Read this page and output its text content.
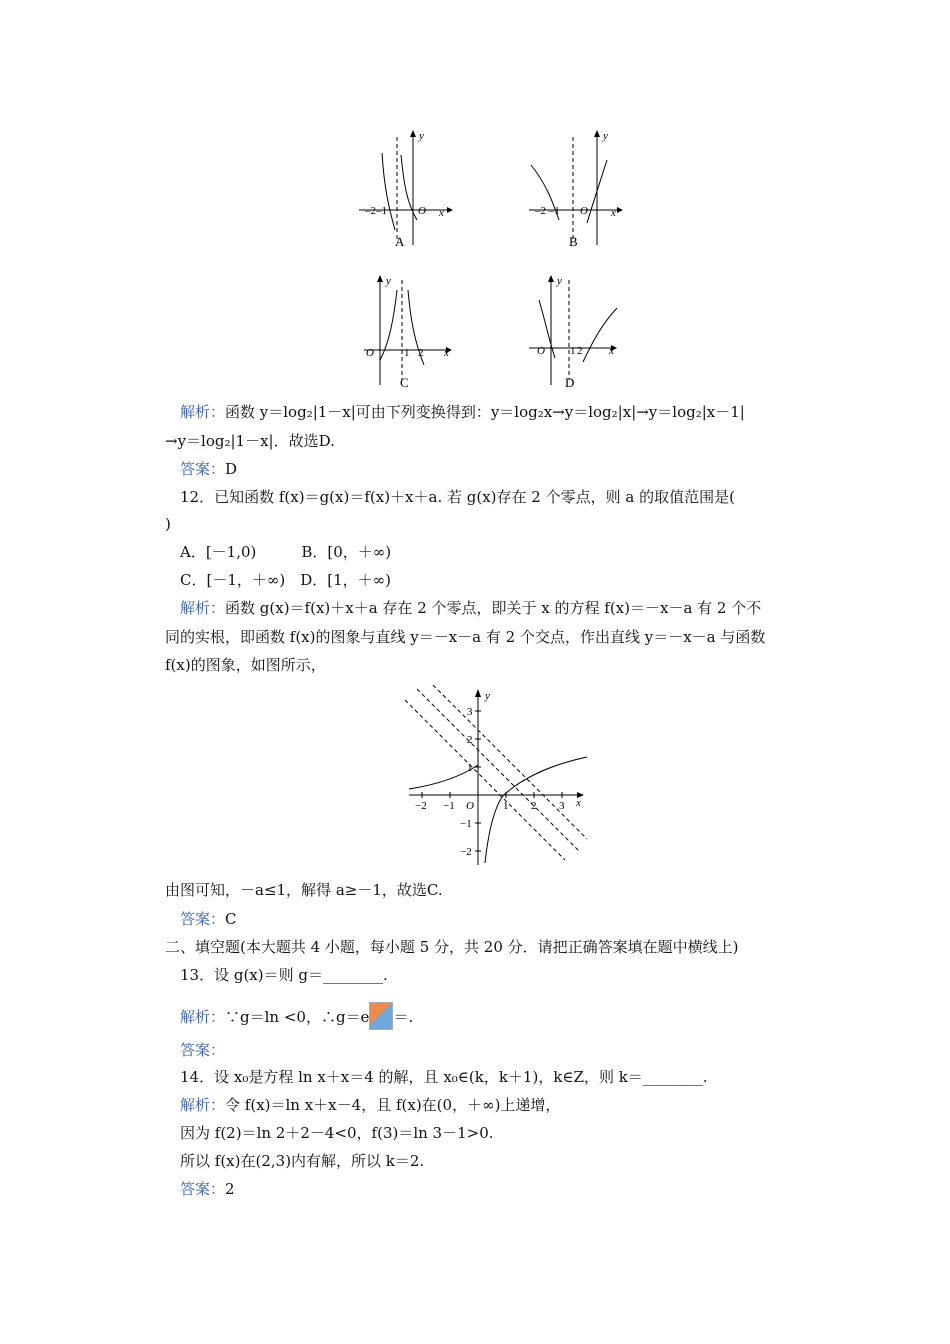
–2–1	O x
y
A
–2 –1 O x
y
B
O	1 2 x
y
C
O 1 2 x
y
D
解析：函数 y＝log₂|1－x|可由下列变换得到：y＝log₂x→y＝log₂|x|→y＝log₂|x－1|
→y＝log₂|1－x|．故选D.
答案：D
12．已知函数 f(x)＝g(x)＝f(x)＋x＋a. 若 g(x)存在 2 个零点，则 a 的取值范围是(
)
A．[－1,0)　　　B．[0，＋∞)
C．[－1，＋∞)　D．[1，＋∞)
解析：函数 g(x)＝f(x)＋x＋a 存在 2 个零点，即关于 x 的方程 f(x)＝－x－a 有 2 个不
同的实根，即函数 f(x)的图象与直线 y＝－x－a 有 2 个交点，作出直线 y＝－x－a 与函数
f(x)的图象，如图所示，
−2 −1 O	1 2 3 x
y
3
2
1
−1
−2
由图可知，－a≤1，解得 a≥－1，故选C.
答案：C
二、填空题(本大题共 4 小题，每小题 5 分，共 20 分．请把正确答案填在题中横线上)
13．设 g(x)＝则 g＝________.
解析：∵g＝ln <0，∴g＝e ＝.
答案：
14．设 x₀是方程 ln x＋x＝4 的解，且 x₀∈(k，k＋1)，k∈Z，则 k＝________.
解析：令 f(x)＝ln x＋x－4，且 f(x)在(0，＋∞)上递增，
因为 f(2)＝ln 2＋2－4<0，f(3)＝ln 3－1>0.
所以 f(x)在(2,3)内有解，所以 k＝2.
答案：2
